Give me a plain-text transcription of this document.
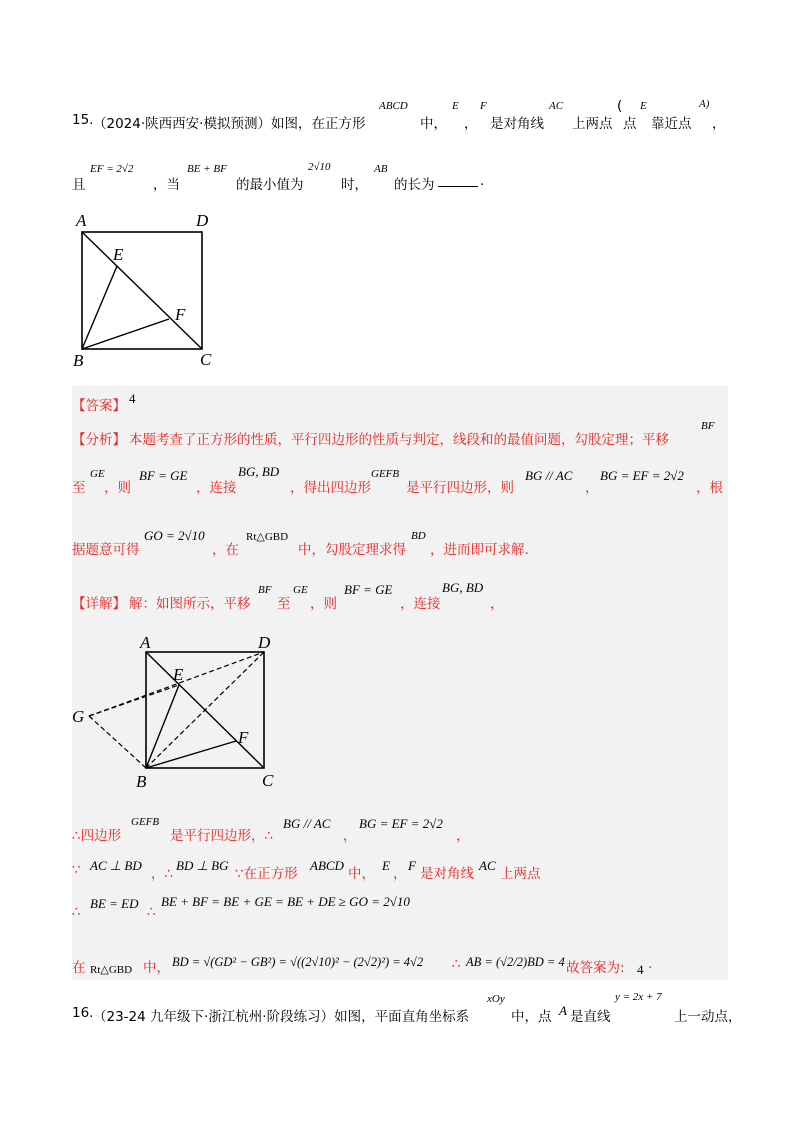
15. （2024·陕西西安·模拟预测）如图，在正方形
ABCD
中，
E
，
F
是对角线
AC
上两点
(
点
E
靠近点
A)
，
且
EF = 2√2
，当
BE + BF
的最小值为
2√10
时，
AB
的长为	.
A	D
E
F
B	C
【答案】 4
【分析】 本题考查了正方形的性质，平行四边形的性质与判定，线段和的最值问题，勾股定理；平移
BF
至
GE
，则
BF = GE
，连接
BG, BD
，得出四边形
GEFB
是平行四边形，则
BG // AC
，
BG = EF = 2√2
，根
据题意可得
GO = 2√10
，在
Rt△GBD
中，勾股定理求得
BD
，进而即可求解.
【详解】 解：如图所示，平移
BF
至
GE
，则
BF = GE
，连接
BG, BD
，
A	D
E
G
F
B	C
∴四边形
GEFB
是平行四边形，∴
BG // AC
，
BG = EF = 2√2
，
∵ AC ⊥ BD
，∴
BD ⊥ BG
∵在正方形
ABCD
中，
E
，
F
是对角线
AC
上两点
∴
BE = ED
∴
BE + BF = BE + GE = BE + DE ≥ GO = 2√10
在 Rt△GBD 中， BD = √(GD² − GB²) = √((2√10)² − (2√2)²) = 4√2 ∴ AB = (√2/2)BD = 4 故答案为: 4 .
16. （23-24 九年级下·浙江杭州·阶段练习）如图，平面直角坐标系
xOy
中，点 A 是直线
y = 2x + 7
上一动点，
